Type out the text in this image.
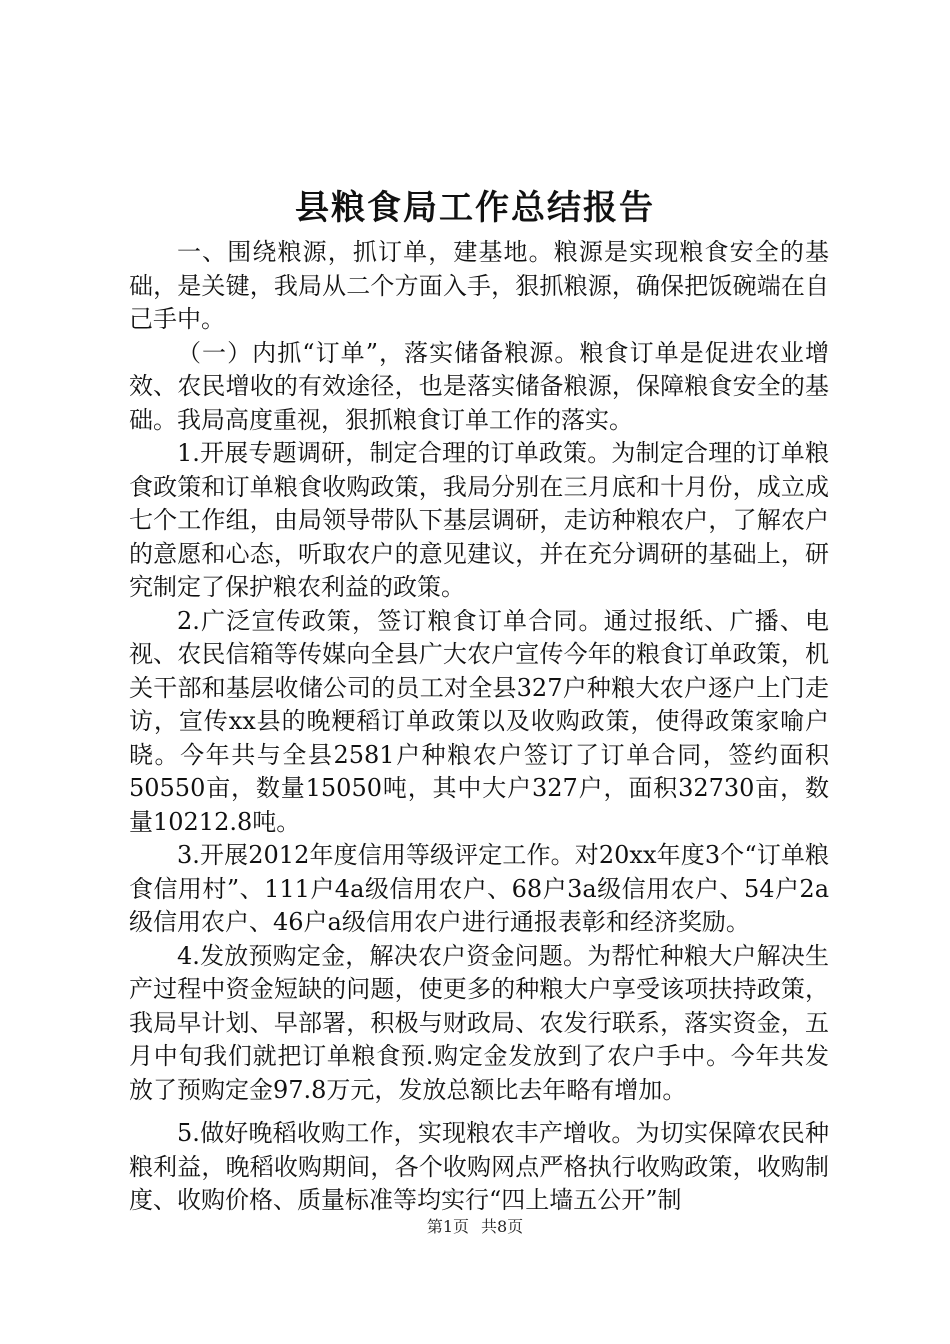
县粮食局工作总结报告

一、围绕粮源，抓订单，建基地。粮源是实现粮食安全的基础，是关键，我局从二个方面入手，狠抓粮源，确保把饭碗端在自己手中。

（一）内抓“订单”，落实储备粮源。粮食订单是促进农业增效、农民增收的有效途径，也是落实储备粮源，保障粮食安全的基础。我局高度重视，狠抓粮食订单工作的落实。

1.开展专题调研，制定合理的订单政策。为制定合理的订单粮食政策和订单粮食收购政策，我局分别在三月底和十月份，成立成七个工作组，由局领导带队下基层调研，走访种粮农户，了解农户的意愿和心态，听取农户的意见建议，并在充分调研的基础上，研究制定了保护粮农利益的政策。

2.广泛宣传政策，签订粮食订单合同。通过报纸、广播、电视、农民信箱等传媒向全县广大农户宣传今年的粮食订单政策，机关干部和基层收储公司的员工对全县327户种粮大农户逐户上门走访，宣传xx县的晚粳稻订单政策以及收购政策，使得政策家喻户晓。今年共与全县2581户种粮农户签订了订单合同，签约面积50550亩，数量15050吨，其中大户327户，面积32730亩，数量10212.8吨。

3.开展2012年度信用等级评定工作。对20xx年度3个“订单粮食信用村”、111户4a级信用农户、68户3a级信用农户、54户2a级信用农户、46户a级信用农户进行通报表彰和经济奖励。

4.发放预购定金，解决农户资金问题。为帮忙种粮大户解决生产过程中资金短缺的问题，使更多的种粮大户享受该项扶持政策，我局早计划、早部署，积极与财政局、农发行联系，落实资金，五月中旬我们就把订单粮食预.购定金发放到了农户手中。今年共发放了预购定金97.8万元，发放总额比去年略有增加。

5.做好晚稻收购工作，实现粮农丰产增收。为切实保障农民种粮利益，晚稻收购期间，各个收购网点严格执行收购政策，收购制度、收购价格、质量标准等均实行“四上墙五公开”制

第1页 共8页
